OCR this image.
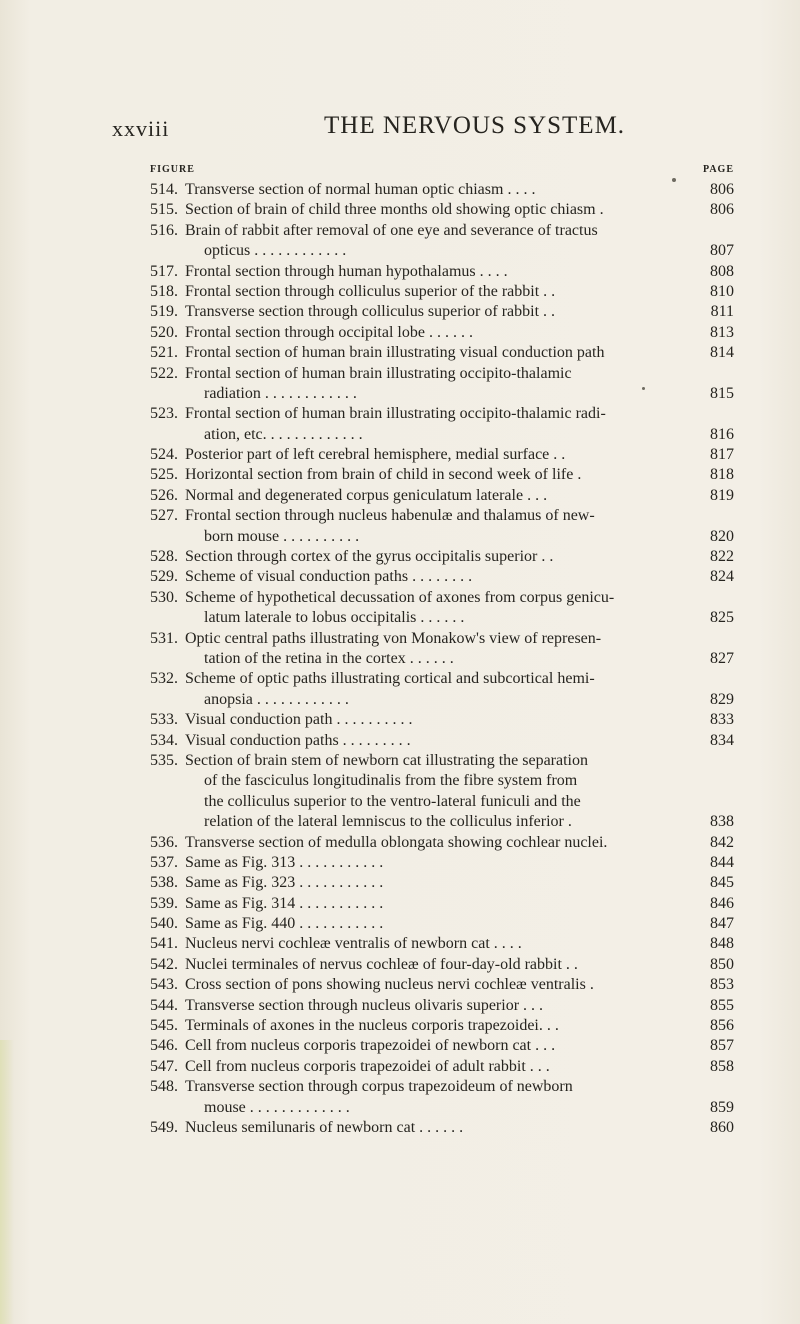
xxviii	THE NERVOUS SYSTEM.
FIGURE	PAGE
514. Transverse section of normal human optic chiasm . . . .	806
515. Section of brain of child three months old showing optic chiasm .	806
516. Brain of rabbit after removal of one eye and severance of tractus
opticus . . . . . . . . . . . .	807
517. Frontal section through human hypothalamus . . . .	808
518. Frontal section through colliculus superior of the rabbit . .	810
519. Transverse section through colliculus superior of rabbit . .	811
520. Frontal section through occipital lobe . . . . . .	813
521. Frontal section of human brain illustrating visual conduction path	814
522. Frontal section of human brain illustrating occipito-thalamic
radiation . . . . . . . . . . . .	815
523. Frontal section of human brain illustrating occipito-thalamic radi-
ation, etc. . . . . . . . . . . . .	816
524. Posterior part of left cerebral hemisphere, medial surface . .	817
525. Horizontal section from brain of child in second week of life .	818
526. Normal and degenerated corpus geniculatum laterale . . .	819
527. Frontal section through nucleus habenulæ and thalamus of new-
born mouse . . . . . . . . . .	820
528. Section through cortex of the gyrus occipitalis superior . .	822
529. Scheme of visual conduction paths . . . . . . . .	824
530. Scheme of hypothetical decussation of axones from corpus genicu-
latum laterale to lobus occipitalis . . . . . .	825
531. Optic central paths illustrating von Monakow's view of represen-
tation of the retina in the cortex . . . . . .	827
532. Scheme of optic paths illustrating cortical and subcortical hemi-
anopsia . . . . . . . . . . . .	829
533. Visual conduction path . . . . . . . . . .	833
534. Visual conduction paths . . . . . . . . .	834
535. Section of brain stem of newborn cat illustrating the separation
of the fasciculus longitudinalis from the fibre system from
the colliculus superior to the ventro-lateral funiculi and the
relation of the lateral lemniscus to the colliculus inferior .	838
536. Transverse section of medulla oblongata showing cochlear nuclei.	842
537. Same as Fig. 313 . . . . . . . . . . .	844
538. Same as Fig. 323 . . . . . . . . . . .	845
539. Same as Fig. 314 . . . . . . . . . . .	846
540. Same as Fig. 440 . . . . . . . . . . .	847
541. Nucleus nervi cochleæ ventralis of newborn cat . . . .	848
542. Nuclei terminales of nervus cochleæ of four-day-old rabbit . .	850
543. Cross section of pons showing nucleus nervi cochleæ ventralis .	853
544. Transverse section through nucleus olivaris superior . . .	855
545. Terminals of axones in the nucleus corporis trapezoidei. . .	856
546. Cell from nucleus corporis trapezoidei of newborn cat . . .	857
547. Cell from nucleus corporis trapezoidei of adult rabbit . . .	858
548. Transverse section through corpus trapezoideum of newborn
mouse . . . . . . . . . . . . .	859
549. Nucleus semilunaris of newborn cat . . . . . .	860
